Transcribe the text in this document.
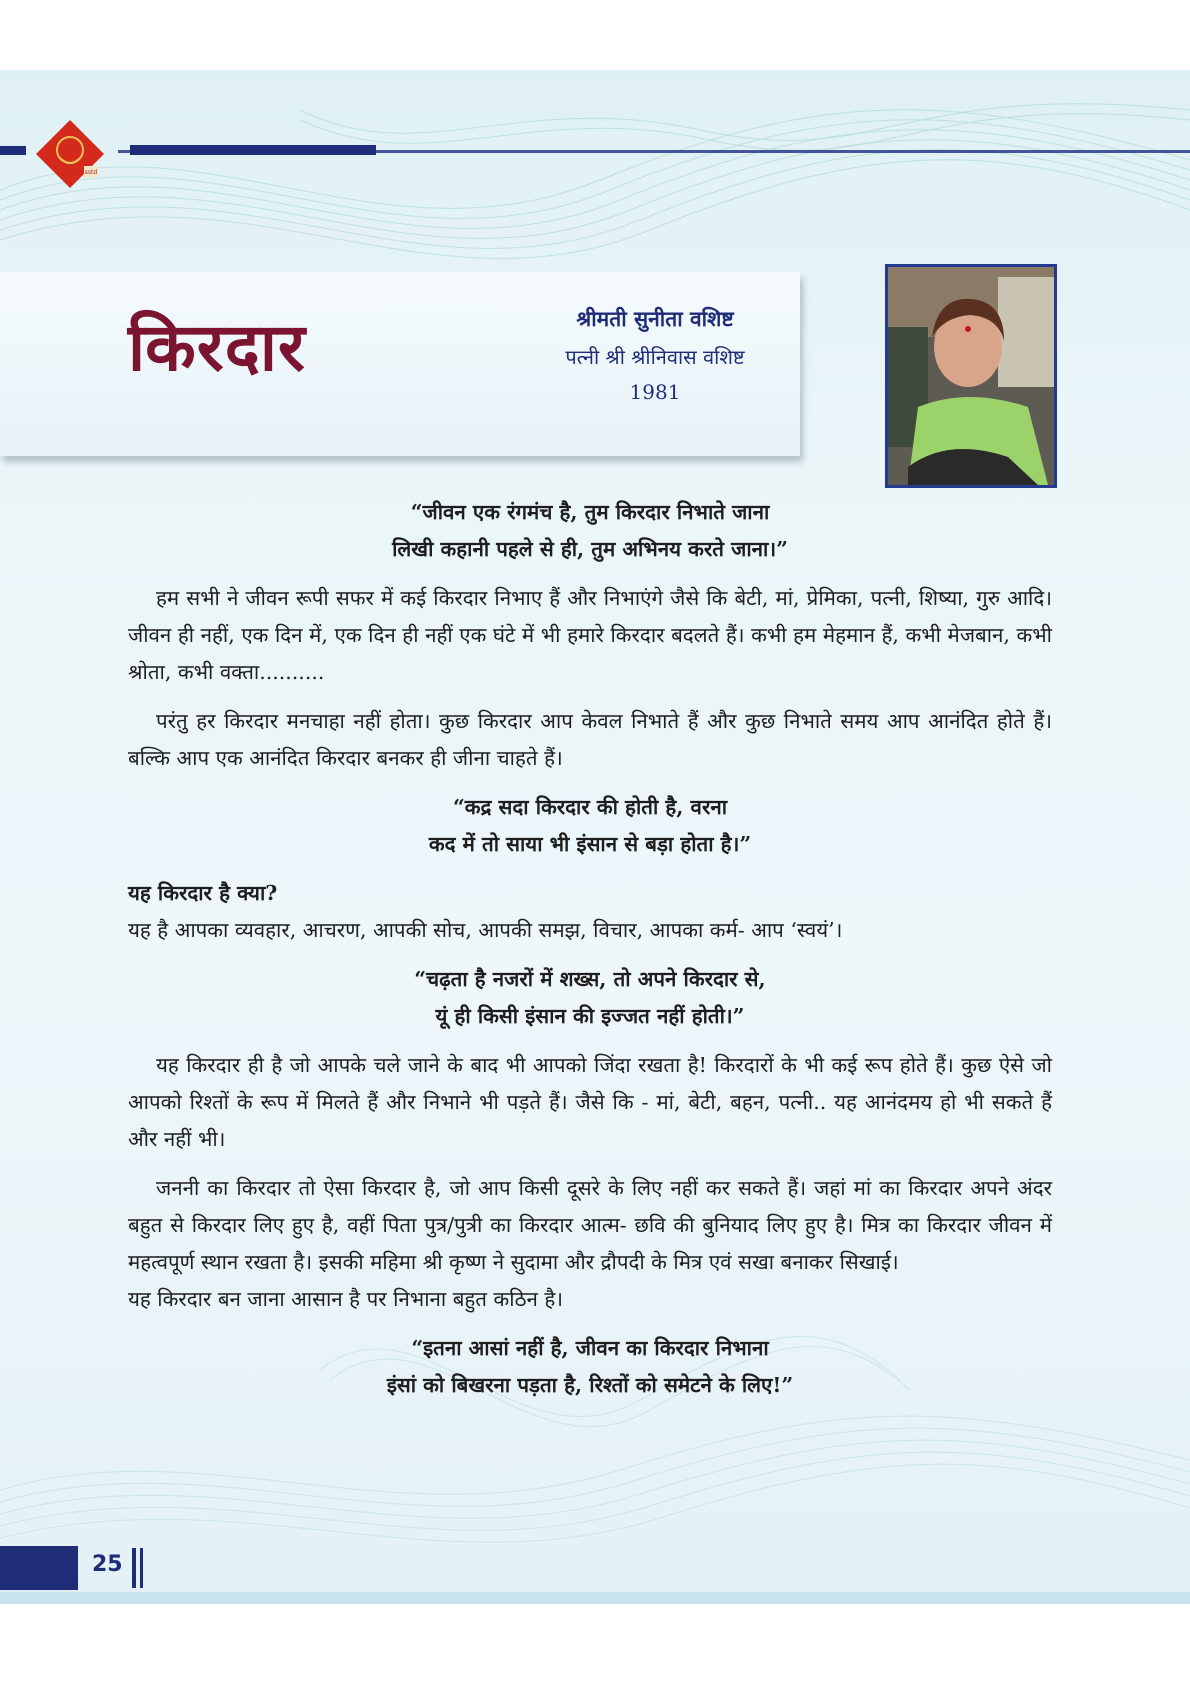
sstd
किरदार	श्रीमती सुनीता वशिष्ट
पत्नी श्री श्रीनिवास वशिष्ट
1981
“जीवन एक रंगमंच है, तुम किरदार निभाते जाना
लिखी कहानी पहले से ही, तुम अभिनय करते जाना।”

हम सभी ने जीवन रूपी सफर में कई किरदार निभाए हैं और निभाएंगे जैसे कि बेटी, मां, प्रेमिका, पत्नी, शिष्या, गुरु आदि। जीवन ही नहीं, एक दिन में, एक दिन ही नहीं एक घंटे में भी हमारे किरदार बदलते हैं। कभी हम मेहमान हैं, कभी मेजबान, कभी श्रोता, कभी वक्ता..........

परंतु हर किरदार मनचाहा नहीं होता। कुछ किरदार आप केवल निभाते हैं और कुछ निभाते समय आप आनंदित होते हैं। बल्कि आप एक आनंदित किरदार बनकर ही जीना चाहते हैं।

“कद्र सदा किरदार की होती है, वरना
कद में तो साया भी इंसान से बड़ा होता है।”

यह किरदार है क्या?

यह है आपका व्यवहार, आचरण, आपकी सोच, आपकी समझ, विचार, आपका कर्म- आप ‘स्वयं’।

“चढ़ता है नजरों में शख्स, तो अपने किरदार से,
यूं ही किसी इंसान की इज्जत नहीं होती।”

यह किरदार ही है जो आपके चले जाने के बाद भी आपको जिंदा रखता है! किरदारों के भी कई रूप होते हैं। कुछ ऐसे जो आपको रिश्तों के रूप में मिलते हैं और निभाने भी पड़ते हैं। जैसे कि - मां, बेटी, बहन, पत्नी.. यह आनंदमय हो भी सकते हैं और नहीं भी।

जननी का किरदार तो ऐसा किरदार है, जो आप किसी दूसरे के लिए नहीं कर सकते हैं। जहां मां का किरदार अपने अंदर बहुत से किरदार लिए हुए है, वहीं पिता पुत्र/पुत्री का किरदार आत्म- छवि की बुनियाद लिए हुए है। मित्र का किरदार जीवन में महत्वपूर्ण स्थान रखता है। इसकी महिमा श्री कृष्ण ने सुदामा और द्रौपदी के मित्र एवं सखा बनाकर सिखाई।

यह किरदार बन जाना आसान है पर निभाना बहुत कठिन है।

“इतना आसां नहीं है, जीवन का किरदार निभाना
इंसां को बिखरना पड़ता है, रिश्तों को समेटने के लिए!”
25
